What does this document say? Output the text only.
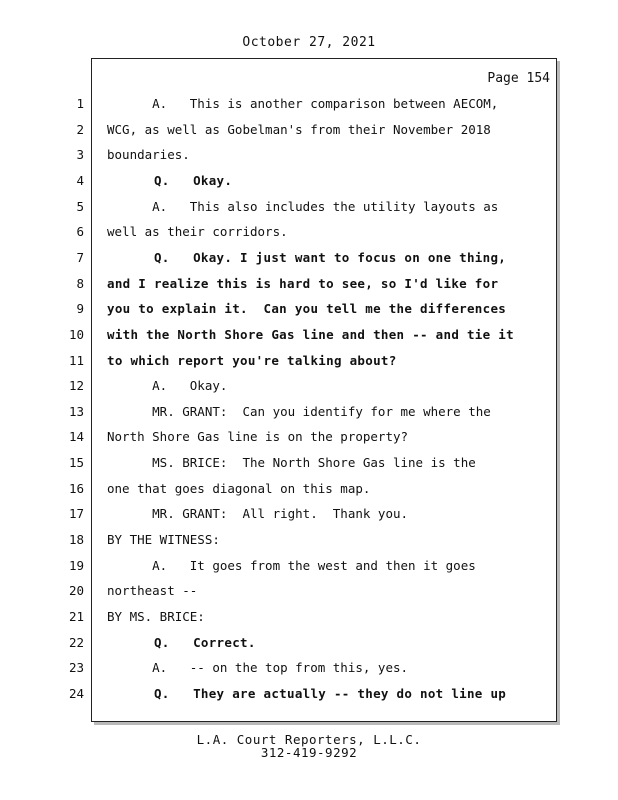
October 27, 2021
Page 154
1 A.   This is another comparison between AECOM,
2 WCG, as well as Gobelman's from their November 2018
3 boundaries.
4 Q.   Okay.
5 A.   This also includes the utility layouts as
6 well as their corridors.
7 Q.   Okay. I just want to focus on one thing,
8 and I realize this is hard to see, so I'd like for
9 you to explain it.  Can you tell me the differences
10 with the North Shore Gas line and then -- and tie it
11 to which report you're talking about?
12 A.   Okay.
13 MR. GRANT:  Can you identify for me where the
14 North Shore Gas line is on the property?
15 MS. BRICE:  The North Shore Gas line is the
16 one that goes diagonal on this map.
17 MR. GRANT:  All right.  Thank you.
18 BY THE WITNESS:
19 A.   It goes from the west and then it goes
20 northeast --
21 BY MS. BRICE:
22 Q.   Correct.
23 A.   -- on the top from this, yes.
24 Q.   They are actually -- they do not line up
L.A. Court Reporters, L.L.C.
312-419-9292
